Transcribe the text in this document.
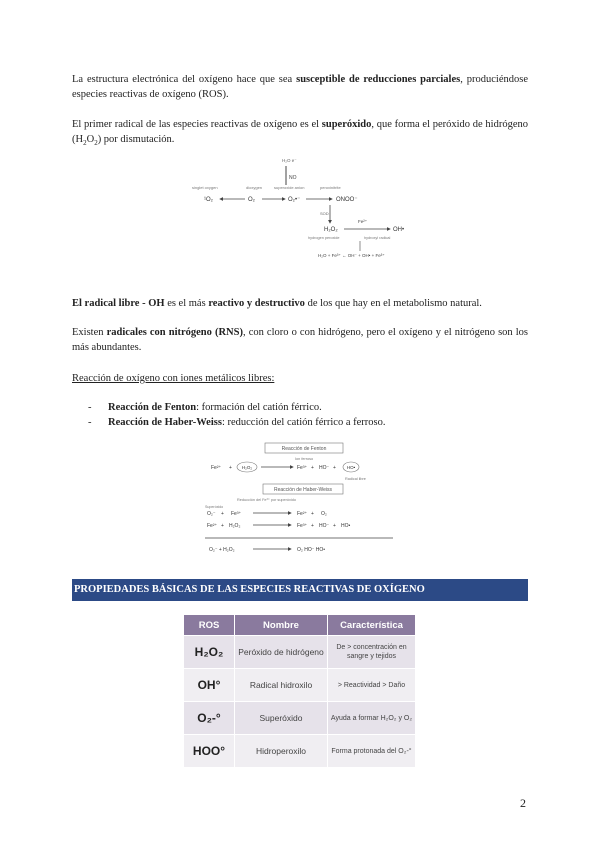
La estructura electrónica del oxígeno hace que sea susceptible de reducciones parciales, produciéndose especies reactivas de oxígeno (ROS).

El primer radical de las especies reactivas de oxígeno es el superóxido, que forma el peróxido de hidrógeno $(H_2O_2)$ por dismutación.

H₂O e⁻
NO
singlet oxygen	dioxygen	superoxide anion	peroxinitrite
¹O₂	O₂	O₂•⁻	ONOO⁻
SOD
H₂O₂
Fe²⁺
OH•
hydrogen peroxide	hydroxyl radical
H₂O + Fe³⁺ ← OH⁻ + OH• + Fe³⁺

El radical libre - OH es el más reactivo y destructivo de los que hay en el metabolismo natural.

Existen radicales con nitrógeno (RNS), con cloro o con hidrógeno, pero el oxígeno y el nitrógeno son los más abundantes.

Reacción de oxígeno con iones metálicos libres:

- Reacción de Fenton: formación del catión férrico.
- Reacción de Haber-Weiss: reducción del catión férrico a ferroso.
Reacción de Fenton
Ion ferroso
Fe²⁺ + H₂O₂	Fe³⁺ + HO⁻ + HO•
Radical libre
Reacción de Haber-Weiss
Reducción del Fe³⁺ por superóxido
Superóxido
O₂⁻ + Fe³⁺	Fe²⁺ + O₂
Fe²⁺ + H₂O₂	Fe³⁺ + HO⁻ + HO•
O₂⁻ + H₂O₂	O₂ HO⁻ HO•
PROPIEDADES BÁSICAS DE LAS ESPECIES REACTIVAS DE OXÍGENO
ROS	Nombre	Característica
H₂O₂	Peróxido de hidrógeno	De > concentración en sangre y tejidos
OH°	Radical hidroxilo	> Reactividad > Daño
O₂-°	Superóxido	Ayuda a formar H₂O₂ y O₂
HOO°	Hidroperoxilo	Forma protonada del O₂-°
2
